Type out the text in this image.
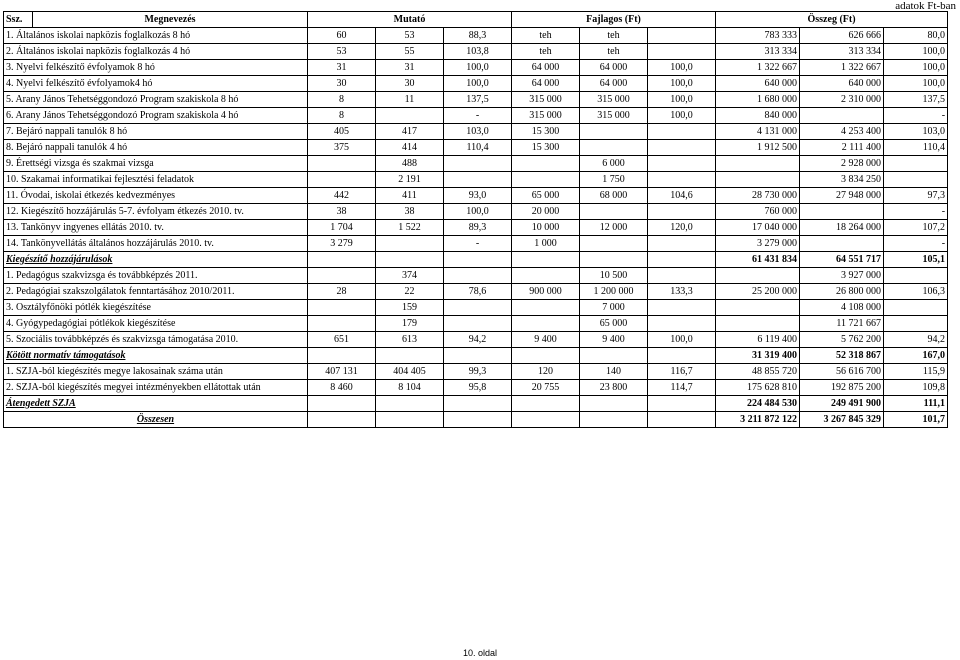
adatok Ft-ban
Ssz.	Megnevezés	Mutató			Fajlagos (Ft)			Összeg (Ft)		
1. Általános iskolai napközis foglalkozás 8 hó		60	53	88,3	teh	teh		783 333	626 666	80,0
2. Általános iskolai napközis foglalkozás 4 hó		53	55	103,8	teh	teh		313 334	313 334	100,0
3. Nyelvi felkészítő évfolyamok 8 hó		31	31	100,0	64 000	64 000	100,0	1 322 667	1 322 667	100,0
4. Nyelvi felkészítő évfolyamok4 hó		30	30	100,0	64 000	64 000	100,0	640 000	640 000	100,0
5. Arany János Tehetséggondozó Program szakiskola 8 hó		8	11	137,5	315 000	315 000	100,0	1 680 000	2 310 000	137,5
6. Arany János Tehetséggondozó Program szakiskola 4 hó		8		-	315 000	315 000	100,0	840 000		-
7. Bejáró nappali tanulók 8 hó		405	417	103,0	15 300			4 131 000	4 253 400	103,0
8. Bejáró nappali tanulók 4 hó		375	414	110,4	15 300			1 912 500	2 111 400	110,4
9. Érettségi vizsga és szakmai vizsga			488			6 000			2 928 000	
10. Szakamai informatikai fejlesztési feladatok			2 191			1 750			3 834 250	
11. Óvodai, iskolai étkezés kedvezményes		442	411	93,0	65 000	68 000	104,6	28 730 000	27 948 000	97,3
12. Kiegészítő hozzájárulás 5-7. évfolyam étkezés 2010. tv.		38	38	100,0	20 000			760 000		-
13. Tankönyv ingyenes ellátás 2010. tv.		1 704	1 522	89,3	10 000	12 000	120,0	17 040 000	18 264 000	107,2
14. Tankönyvellátás általános hozzájárulás 2010. tv.		3 279		-	1 000			3 279 000		-
Kiegészítő hozzájárulások								61 431 834	64 551 717	105,1
1. Pedagógus szakvizsga és továbbképzés 2011.			374			10 500			3 927 000	
2. Pedagógiai szakszolgálatok fenntartásához 2010/2011.		28	22	78,6	900 000	1 200 000	133,3	25 200 000	26 800 000	106,3
3. Osztályfőnöki pótlék kiegészítése			159			7 000			4 108 000	
4. Gyógypedagógiai pótlékok kiegészítése			179			65 000			11 721 667	
5. Szociális továbbképzés és szakvizsga támogatása 2010.		651	613	94,2	9 400	9 400	100,0	6 119 400	5 762 200	94,2
Kötött normatív támogatások								31 319 400	52 318 867	167,0
1. SZJA-ból kiegészítés megye lakosainak száma után		407 131	404 405	99,3	120	140	116,7	48 855 720	56 616 700	115,9
2. SZJA-ból kiegészítés megyei intézményekben ellátottak után		8 460	8 104	95,8	20 755	23 800	114,7	175 628 810	192 875 200	109,8
Átengedett SZJA								224 484 530	249 491 900	111,1
Összesen								3 211 872 122	3 267 845 329	101,7
10. oldal
